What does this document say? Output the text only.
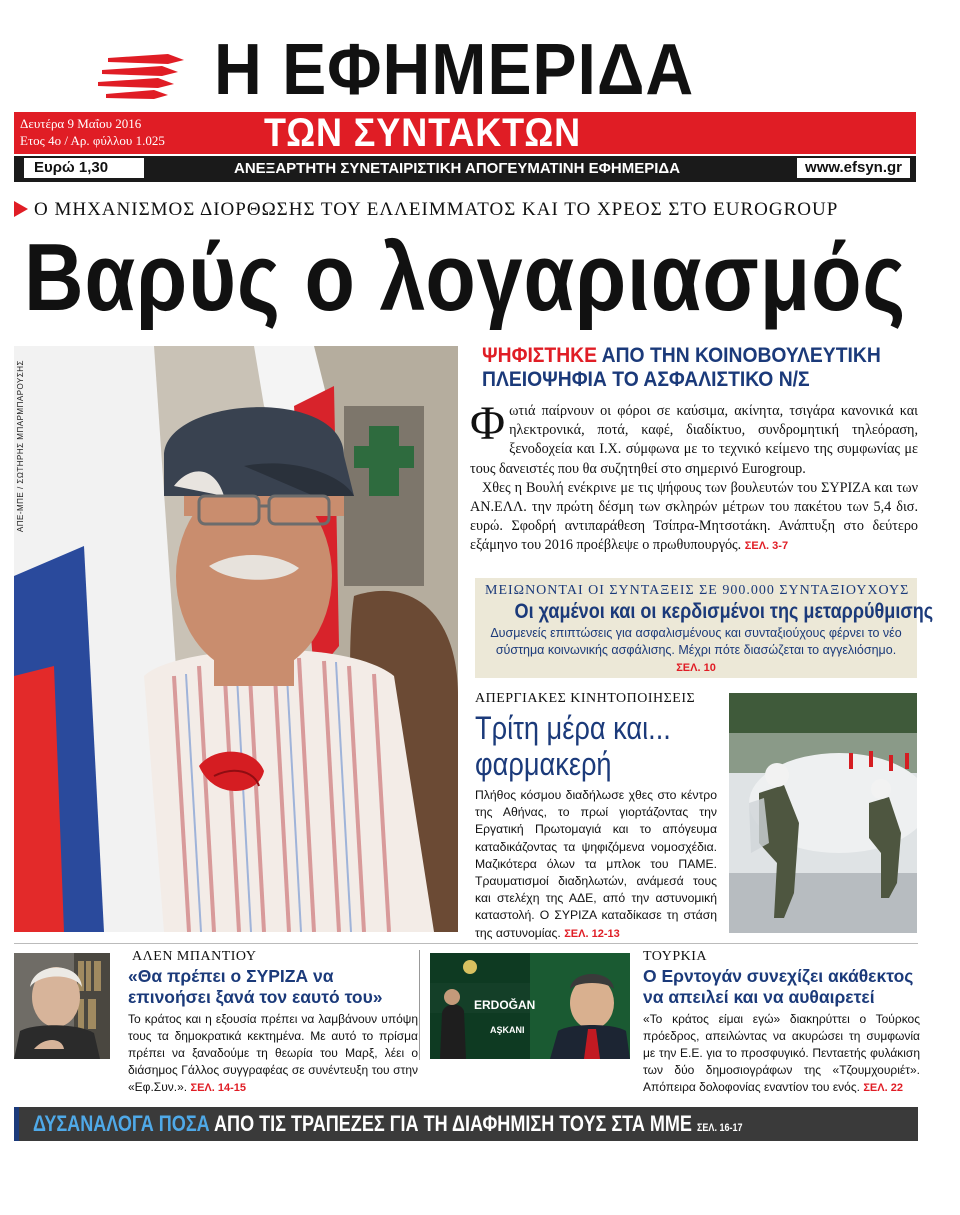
Η ΕΦΗΜΕΡΙΔΑ
Δευτέρα 9 Μαΐου 2016
Ετος 4ο / Αρ. φύλλου 1.025 ΤΩΝ ΣΥΝΤΑΚΤΩΝ
Ευρώ 1,30	ΑΝΕΞΑΡΤΗΤΗ ΣΥΝΕΤΑΙΡΙΣΤΙΚΗ ΑΠΟΓΕΥΜΑΤΙΝΗ ΕΦΗΜΕΡΙΔΑ	www.efsyn.gr
Ο ΜΗΧΑΝΙΣΜΟΣ ΔΙΟΡΘΩΣΗΣ ΤΟΥ ΕΛΛΕΙΜΜΑΤΟΣ ΚΑΙ ΤΟ ΧΡΕΟΣ ΣΤΟ EUROGROUP
Βαρύς ο λογαριασμός
ΑΠΕ-ΜΠΕ / ΣΩΤΗΡΗΣ ΜΠΑΡΜΠΑΡΟΥΣΗΣ
ΨΗΦΙΣΤΗΚΕ ΑΠΟ ΤΗΝ ΚΟΙΝΟΒΟΥΛΕΥΤΙΚΗ
ΠΛΕΙΟΨΗΦΙΑ ΤΟ ΑΣΦΑΛΙΣΤΙΚΟ Ν/Σ

Φωτιά παίρνουν οι φόροι σε καύσιμα, ακίνητα, τσιγάρα κανονικά και ηλεκτρονικά, ποτά, καφέ, διαδίκτυο, συνδρομητική τηλεόραση, ξενοδοχεία και Ι.Χ. σύμφωνα με το τεχνικό κείμενο της συμφωνίας με τους δανειστές που θα συζητηθεί στο σημερινό Eurogroup.

Χθες η Βουλή ενέκρινε με τις ψήφους των βουλευτών του ΣΥΡΙΖΑ και των ΑΝ.ΕΛΛ. την πρώτη δέσμη των σκληρών μέτρων του πακέτου των 5,4 δισ. ευρώ. Σφοδρή αντιπαράθεση Τσίπρα-Μητσοτάκη. Ανάπτυξη στο δεύτερο εξάμηνο του 2016 προέβλεψε ο πρωθυπουργός. ΣΕΛ. 3-7

ΜΕΙΩΝΟΝΤΑΙ ΟΙ ΣΥΝΤΑΞΕΙΣ ΣΕ 900.000 ΣΥΝΤΑΞΙΟΥΧΟΥΣ
Οι χαμένοι και οι κερδισμένοι της μεταρρύθμισης
Δυσμενείς επιπτώσεις για ασφαλισμένους και συνταξιούχους φέρνει το νέο σύστημα κοινωνικής ασφάλισης. Μέχρι πότε διασώζεται το αγγελιόσημο. ΣΕΛ. 10
ΑΠΕΡΓΙΑΚΕΣ ΚΙΝΗΤΟΠΟΙΗΣΕΙΣ
Τρίτη μέρα και... φαρμακερή
Πλήθος κόσμου διαδήλωσε χθες στο κέντρο της Αθήνας, το πρωί γιορτάζοντας την Εργατική Πρωτομαγιά και το απόγευμα καταδικάζοντας τα ψηφιζόμενα νομοσχέδια. Μαζικότερα όλων τα μπλοκ του ΠΑΜΕ. Τραυματισμοί διαδηλωτών, ανάμεσά τους και στελέχη της ΑΔΕ, από την αστυνομική καταστολή. Ο ΣΥΡΙΖΑ καταδίκασε τη στάση της αστυνομίας. ΣΕΛ. 12-13
ΑΛΕΝ ΜΠΑΝΤΙΟΥ
«Θα πρέπει ο ΣΥΡΙΖΑ να επινοήσει ξανά τον εαυτό του»
Το κράτος και η εξουσία πρέπει να λαμβάνουν υπόψη τους τα δημοκρατικά κεκτημένα. Με αυτό το πρίσμα πρέπει να ξαναδούμε τη θεωρία του Μαρξ, λέει ο διάσημος Γάλλος συγγραφέας σε συνέντευξη του στην «Εφ.Συν.». ΣΕΛ. 14-15
ERDOĞAN
AŞKANI
ΤΟΥΡΚΙΑ
Ο Ερντογάν συνεχίζει ακάθεκτος να απειλεί και να αυθαιρετεί
«Το κράτος είμαι εγώ» διακηρύττει ο Τούρκος πρόεδρος, απειλώντας να ακυρώσει τη συμφωνία με την Ε.Ε. για το προσφυγικό. Πενταετής φυλάκιση των δύο δημοσιογράφων της «Τζουμχουριέτ». Απόπειρα δολοφονίας εναντίον του ενός. ΣΕΛ. 22
ΔΥΣΑΝΑΛΟΓΑ ΠΟΣΑ ΑΠΟ ΤΙΣ ΤΡΑΠΕΖΕΣ ΓΙΑ ΤΗ ΔΙΑΦΗΜΙΣΗ ΤΟΥΣ ΣΤΑ ΜΜΕ ΣΕΛ. 16-17
